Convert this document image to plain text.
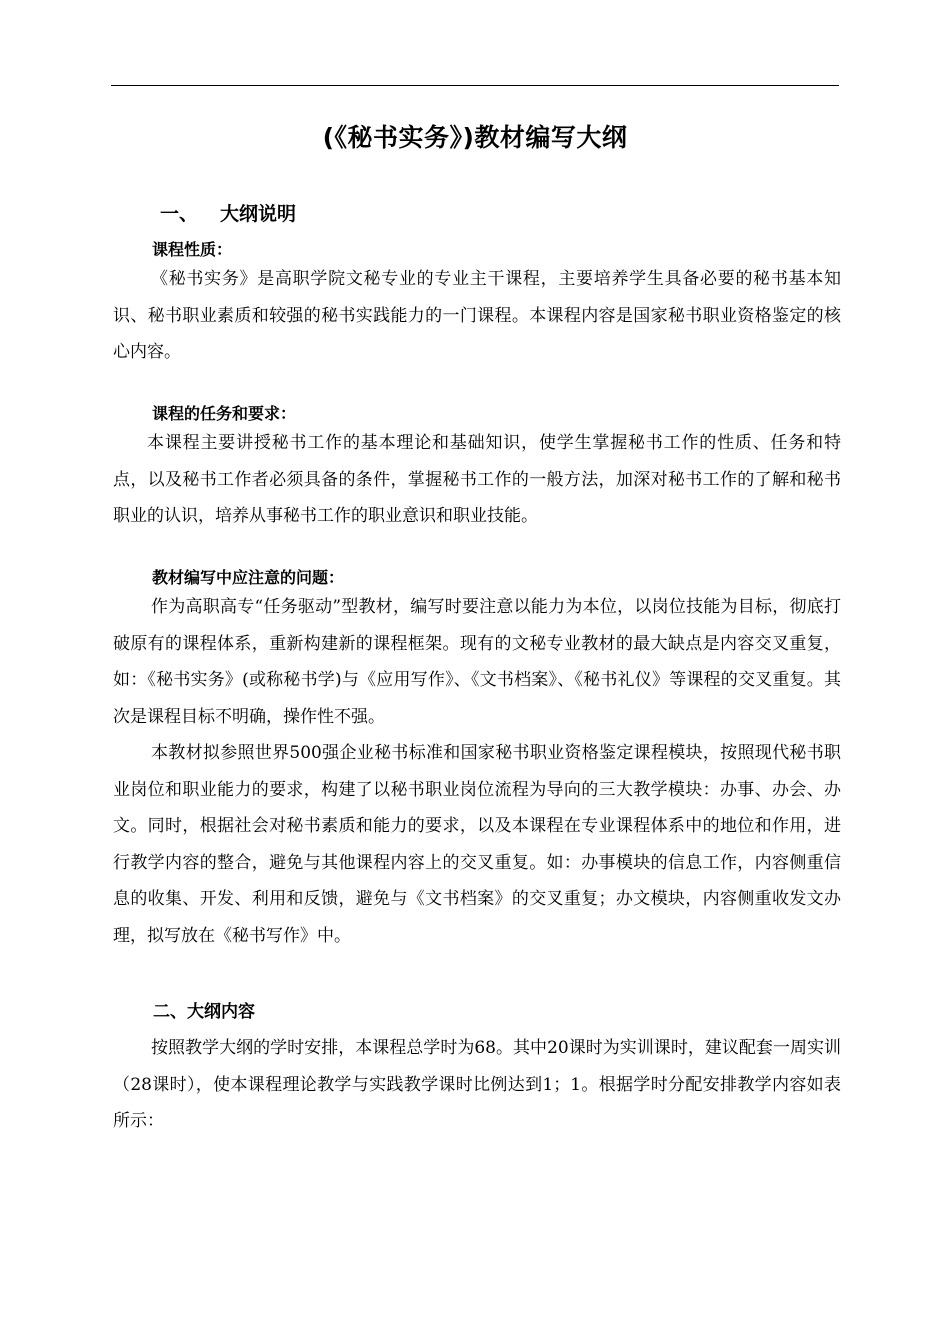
(《秘书实务》)教材编写大纲
一、 大纲说明
课程性质：

《秘书实务》是高职学院文秘专业的专业主干课程，主要培养学生具备必要的秘书基本知识、秘书职业素质和较强的秘书实践能力的一门课程。本课程内容是国家秘书职业资格鉴定的核心内容。

课程的任务和要求：

本课程主要讲授秘书工作的基本理论和基础知识，使学生掌握秘书工作的性质、任务和特点，以及秘书工作者必须具备的条件，掌握秘书工作的一般方法，加深对秘书工作的了解和秘书职业的认识，培养从事秘书工作的职业意识和职业技能。

教材编写中应注意的问题：

作为高职高专“任务驱动”型教材，编写时要注意以能力为本位，以岗位技能为目标，彻底打破原有的课程体系，重新构建新的课程框架。现有的文秘专业教材的最大缺点是内容交叉重复，如：《秘书实务》(或称秘书学)与《应用写作》、《文书档案》、《秘书礼仪》等课程的交叉重复。其次是课程目标不明确，操作性不强。

本教材拟参照世界500强企业秘书标准和国家秘书职业资格鉴定课程模块，按照现代秘书职业岗位和职业能力的要求，构建了以秘书职业岗位流程为导向的三大教学模块：办事、办会、办文。同时，根据社会对秘书素质和能力的要求，以及本课程在专业课程体系中的地位和作用，进行教学内容的整合，避免与其他课程内容上的交叉重复。如：办事模块的信息工作，内容侧重信息的收集、开发、利用和反馈，避免与《文书档案》的交叉重复；办文模块，内容侧重收发文办理，拟写放在《秘书写作》中。

二、大纲内容

按照教学大纲的学时安排，本课程总学时为68。其中20课时为实训课时，建议配套一周实训（28课时），使本课程理论教学与实践教学课时比例达到1；1。根据学时分配安排教学内容如表所示：
